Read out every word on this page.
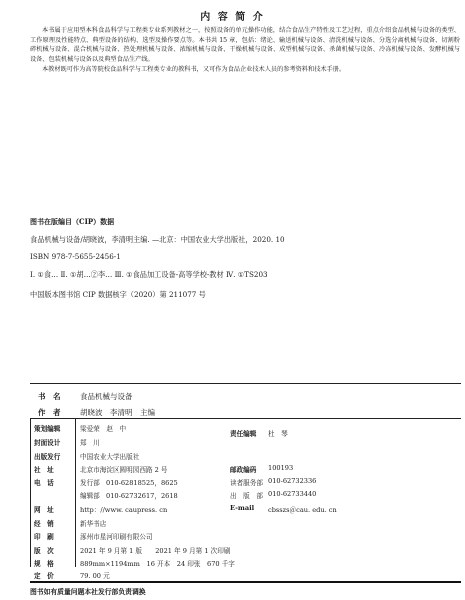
内 容 简 介

本书属于应用型本科食品科学与工程类专业系列教材之一，按照设备的单元操作功能，结合食品生产特性及工艺过程，重点介绍食品机械与设备的类型、工作原理及性能特点、典型设备的结构、选型及操作要点等。本书共 15 章，包括：绪论、输送机械与设备、清洗机械与设备、分选分离机械与设备、切割粉碎机械与设备、混合机械与设备、热处理机械与设备、浓缩机械与设备、干燥机械与设备、成型机械与设备、杀菌机械与设备、冷冻机械与设备、发酵机械与设备、包装机械与设备以及典型食品生产线。

本教材既可作为高等院校食品科学与工程类专业的教科书，又可作为食品企业技术人员的参考资料和技术手册。

图书在版编目（CIP）数据
食品机械与设备/胡晓波，李清明主编. —北京：中国农业大学出版社，2020. 10
ISBN 978-7-5655-2456-1
Ⅰ. ①食… Ⅱ. ①胡…②李… Ⅲ. ①食品加工设备-高等学校-教材 Ⅳ. ①TS203
中国版本图书馆 CIP 数据核字（2020）第 211077 号
书　名	食品机械与设备
作　者	胡晓波　李清明　主编
策划编辑	梁爱荣　赵　中
责任编辑 杜　琴
封面设计	郑　川
出版发行	中国农业大学出版社
社　址	北京市海淀区圆明园西路 2 号	邮政编码 100193
电　话	发行部 010-62818525，8625	读者服务部 010-62732336
编辑部 010-62732617，2618	出　版　部 010-62733440
网　址	http：//www. caupress. cn	E-mail cbsszs＠cau. edu. cn
经　销	新华书店
印　刷	涿州市星河印刷有限公司
版　次	2021 年 9 月第 1 版　　2021 年 9 月第 1 次印刷
规　格	889mm×1194mm　16 开本　24 印张　670 千字
定　价	79. 00 元
图书如有质量问题本社发行部负责调换
